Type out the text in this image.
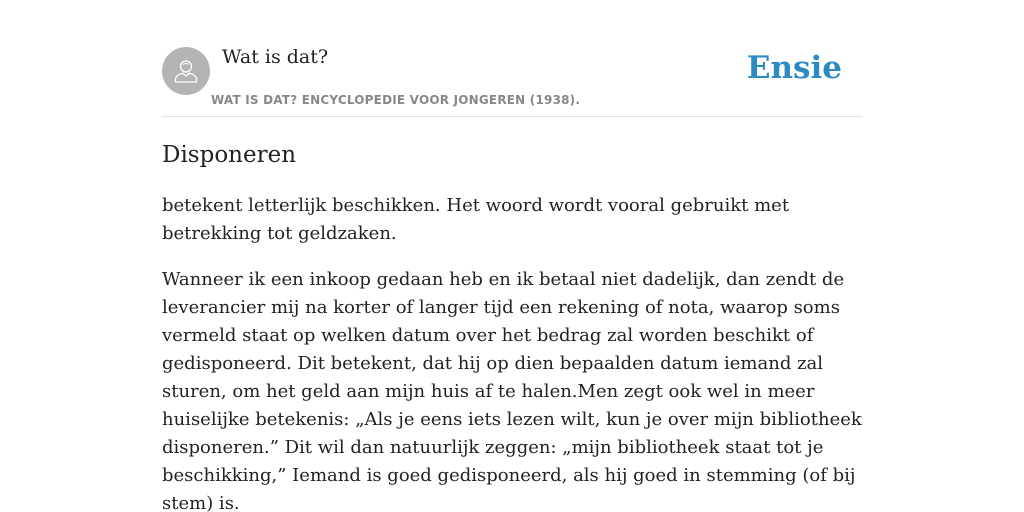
Wat is dat?
WAT IS DAT? ENCYCLOPEDIE VOOR JONGEREN (1938).
Ensie
Disponeren

betekent letterlijk beschikken. Het woord wordt vooral gebruikt met betrekking tot geldzaken.

Wanneer ik een inkoop gedaan heb en ik betaal niet dadelijk, dan zendt de leverancier mij na korter of langer tijd een rekening of nota, waarop soms vermeld staat op welken datum over het bedrag zal worden beschikt of gedisponeerd. Dit betekent, dat hij op dien bepaalden datum iemand zal sturen, om het geld aan mijn huis af te halen.Men zegt ook wel in meer huiselijke betekenis: „Als je eens iets lezen wilt, kun je over mijn bibliotheek disponeren.” Dit wil dan natuurlijk zeggen: „mijn bibliotheek staat tot je beschikking,” Iemand is goed gedisponeerd, als hij goed in stemming (of bij stem) is.
